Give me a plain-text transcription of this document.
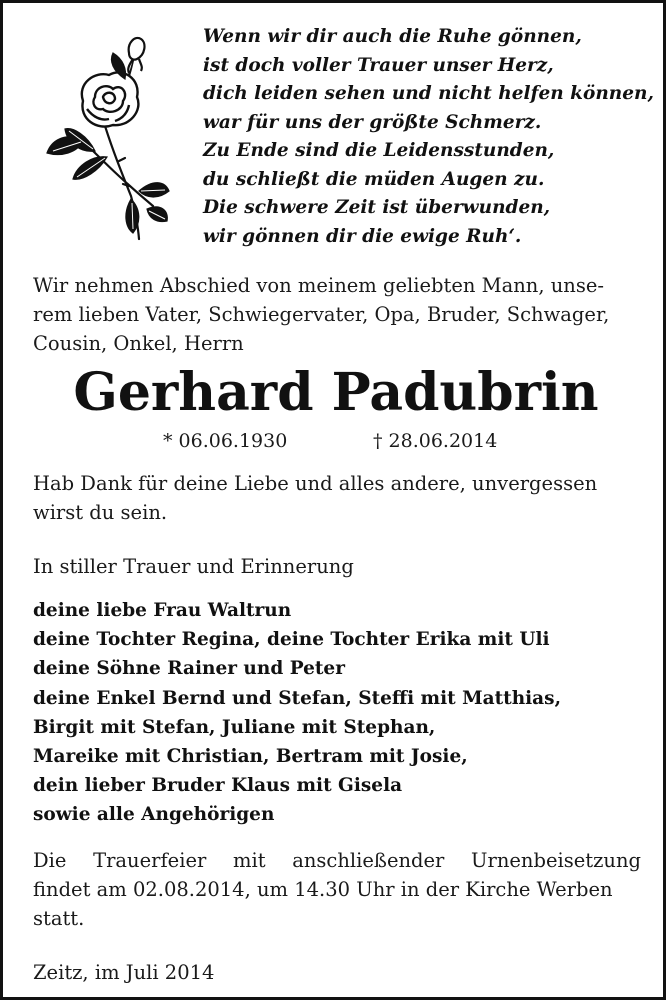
Wenn wir dir auch die Ruhe gönnen,
ist doch voller Trauer unser Herz,
dich leiden sehen und nicht helfen können,
war für uns der größte Schmerz.
Zu Ende sind die Leidensstunden,
du schließt die müden Augen zu.
Die schwere Zeit ist überwunden,
wir gönnen dir die ewige Ruh‘.
Wir nehmen Abschied von meinem geliebten Mann, unse-
rem lieben Vater, Schwiegervater, Opa, Bruder, Schwager,
Cousin, Onkel, Herrn
Gerhard Padubrin
* 06.06.1930	† 28.06.2014
Hab Dank für deine Liebe und alles andere, unvergessen
wirst du sein.
In stiller Trauer und Erinnerung
deine liebe Frau Waltrun
deine Tochter Regina, deine Tochter Erika mit Uli
deine Söhne Rainer und Peter
deine Enkel Bernd und Stefan, Steffi mit Matthias,
Birgit mit Stefan, Juliane mit Stephan,
Mareike mit Christian, Bertram mit Josie,
dein lieber Bruder Klaus mit Gisela
sowie alle Angehörigen
Die Trauerfeier mit anschließender Urnenbeisetzung
findet am 02.08.2014, um 14.30 Uhr in der Kirche Werben
statt.
Zeitz, im Juli 2014
